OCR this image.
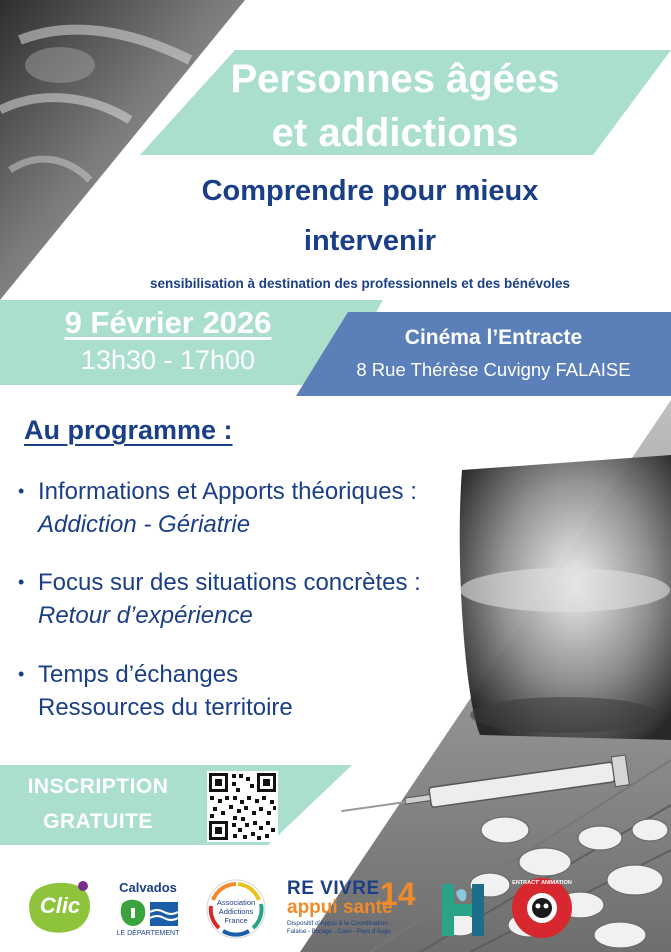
Personnes âgées
et addictions
Comprendre pour mieux
intervenir
sensibilisation à destination des professionnels et des bénévoles
9 Février 2026
13h30 - 17h00
Cinéma l’Entracte
8 Rue Thérèse Cuvigny FALAISE
Au programme :
• Informations et Apports théoriques :
Addiction - Gériatrie
• Focus sur des situations concrètes :
Retour d’expérience
• Temps d’échanges
Ressources du territoire
INSCRIPTION
GRATUITE
Clic
Calvados
LE DÉPARTEMENT
Association
Addictions
France
RE VIVRE 14
appui santé
Dispositif d’Appui à la Coordination
Falaise - Bocage - Caen - Pays d’Auge
ENTRACT' ANIMATION
